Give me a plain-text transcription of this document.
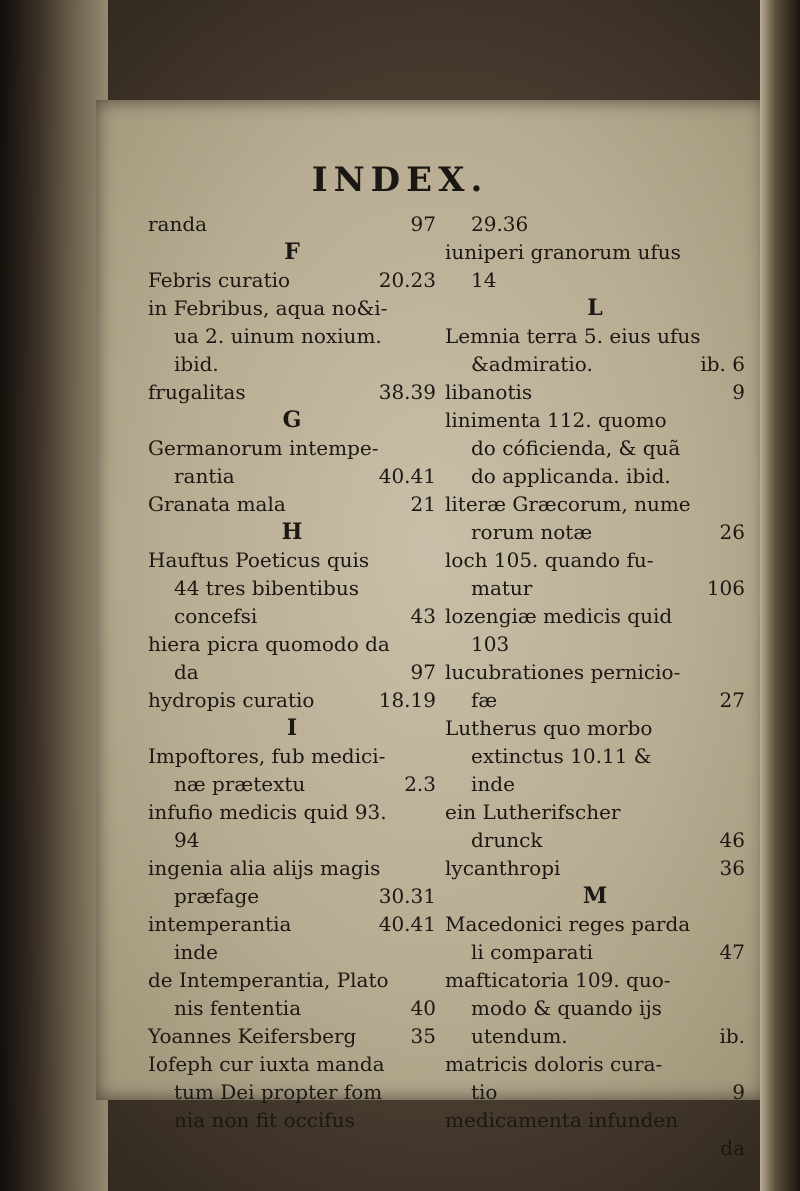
INDEX.
randa	97
F
Febris curatio	20.23
in Febribus, aqua no&i-
ua 2. uinum noxium.
ibid.
frugalitas	38.39
G
Germanorum intempe-
rantia	40.41
Granata mala	21
H
Hauftus Poeticus quis
44 tres bibentibus
concefsi	43
hiera picra quomodo da
da	97
hydropis curatio	18.19
I
Impoftores, fub medici-
næ prætextu	2.3
infufio medicis quid 93.
94
ingenia alia alijs magis
præfage	30.31
intemperantia	40.41
inde
de Intemperantia, Plato
nis fententia	40
Yoannes Keifersberg	35
Iofeph cur iuxta manda
tum Dei propter fom
nia non fit occifus
29.36
iuniperi granorum ufus
14
L
Lemnia terra 5. eius ufus
&admiratio.	ib. 6
libanotis	9
linimenta 112. quomo
do cóficienda, & quã
do applicanda. ibid.
literæ Græcorum, nume
rorum notæ	26
loch 105. quando fu-
matur	106
lozengiæ medicis quid
103
lucubrationes pernicio-
fæ	27
Lutherus quo morbo
extinctus 10.11 &
inde
ein Lutherifscher
drunck	46
lycanthropi	36
M
Macedonici reges parda
li comparati	47
mafticatoria 109. quo-
modo & quando ijs
utendum.	ib.
matricis doloris cura-
tio	9
medicamenta infunden
da
